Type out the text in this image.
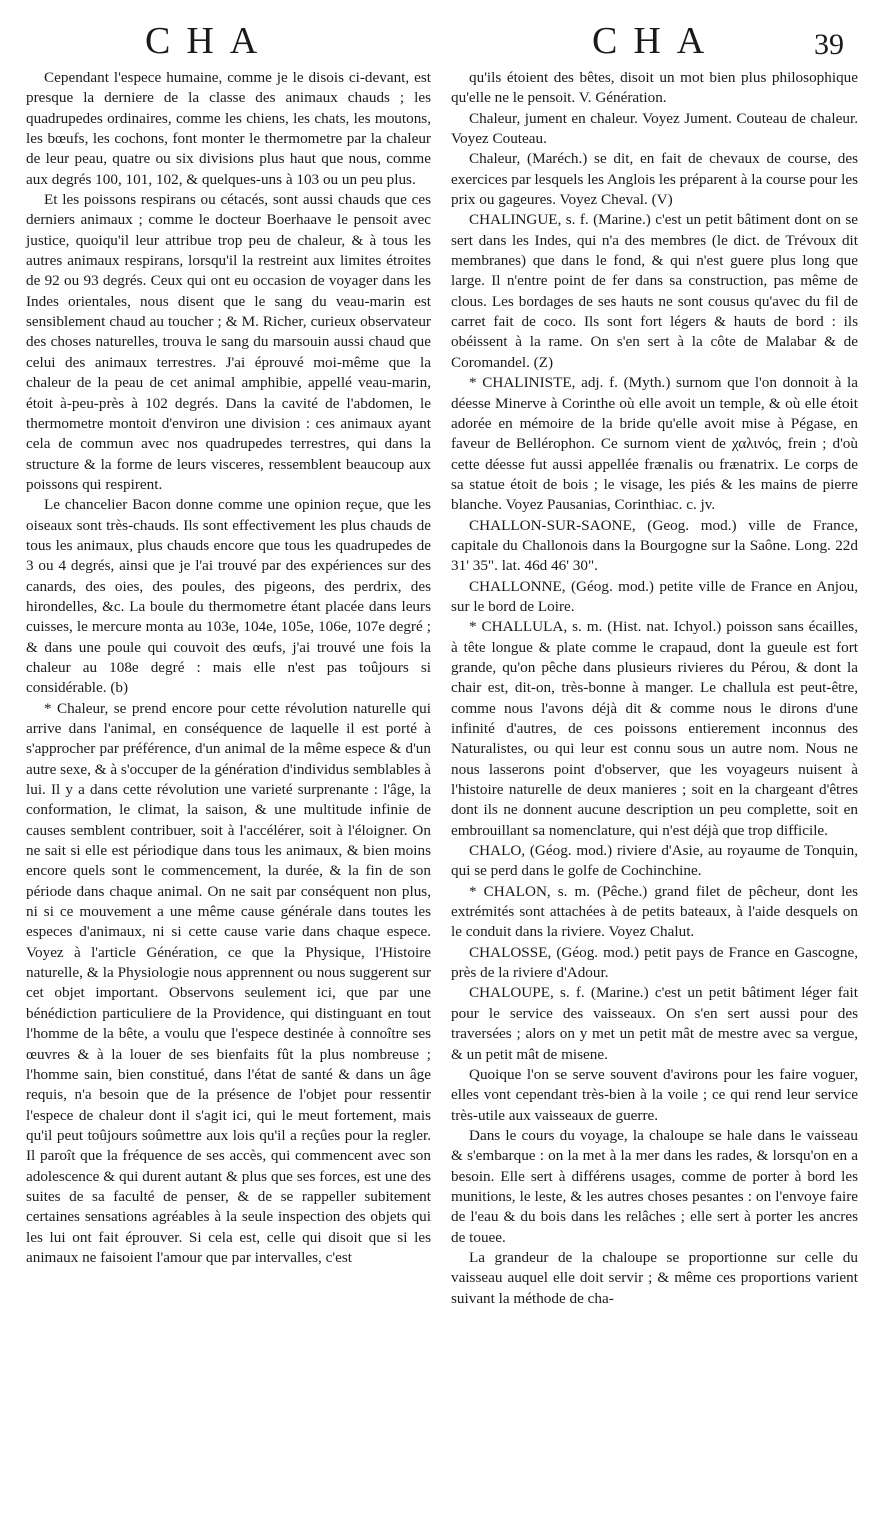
CHA	CHA	39

Cependant l'espece humaine, comme je le disois ci-devant, est presque la derniere de la classe des animaux chauds ; les quadrupedes ordinaires, comme les chiens, les chats, les moutons, les bœufs, les cochons, font monter le thermometre par la chaleur de leur peau, quatre ou six divisions plus haut que nous, comme aux degrés 100, 101, 102, & quelques-uns à 103 ou un peu plus.

Et les poissons respirans ou cétacés, sont aussi chauds que ces derniers animaux ; comme le docteur Boerhaave le pensoit avec justice, quoiqu'il leur attribue trop peu de chaleur, & à tous les autres animaux respirans, lorsqu'il la restreint aux limites étroites de 92 ou 93 degrés. Ceux qui ont eu occasion de voyager dans les Indes orientales, nous disent que le sang du veau-marin est sensiblement chaud au toucher ; & M. Richer, curieux observateur des choses naturelles, trouva le sang du marsouin aussi chaud que celui des animaux terrestres. J'ai éprouvé moi-même que la chaleur de la peau de cet animal amphibie, appellé veau-marin, étoit à-peu-près à 102 degrés. Dans la cavité de l'abdomen, le thermometre montoit d'environ une division : ces animaux ayant cela de commun avec nos quadrupedes terrestres, qui dans la structure & la forme de leurs visceres, ressemblent beaucoup aux poissons qui respirent.

Le chancelier Bacon donne comme une opinion reçue, que les oiseaux sont très-chauds. Ils sont effectivement les plus chauds de tous les animaux, plus chauds encore que tous les quadrupedes de 3 ou 4 degrés, ainsi que je l'ai trouvé par des expériences sur des canards, des oies, des poules, des pigeons, des perdrix, des hirondelles, &c. La boule du thermometre étant placée dans leurs cuisses, le mercure monta au 103e, 104e, 105e, 106e, 107e degré ; & dans une poule qui couvoit des œufs, j'ai trouvé une fois la chaleur au 108e degré : mais elle n'est pas toûjours si considérable. (b)

* Chaleur, se prend encore pour cette révolution naturelle qui arrive dans l'animal, en conséquence de laquelle il est porté à s'approcher par préférence, d'un animal de la même espece & d'un autre sexe, & à s'occuper de la génération d'individus semblables à lui. Il y a dans cette révolution une varieté surprenante : l'âge, la conformation, le climat, la saison, & une multitude infinie de causes semblent contribuer, soit à l'accélérer, soit à l'éloigner. On ne sait si elle est périodique dans tous les animaux, & bien moins encore quels sont le commencement, la durée, & la fin de son période dans chaque animal. On ne sait par conséquent non plus, ni si ce mouvement a une même cause générale dans toutes les especes d'animaux, ni si cette cause varie dans chaque espece. Voyez à l'article Génération, ce que la Physique, l'Histoire naturelle, & la Physiologie nous apprennent ou nous suggerent sur cet objet important. Observons seulement ici, que par une bénédiction particuliere de la Providence, qui distinguant en tout l'homme de la bête, a voulu que l'espece destinée à connoître ses œuvres & à la louer de ses bienfaits fût la plus nombreuse ; l'homme sain, bien constitué, dans l'état de santé & dans un âge requis, n'a besoin que de la présence de l'objet pour ressentir l'espece de chaleur dont il s'agit ici, qui le meut fortement, mais qu'il peut toûjours soûmettre aux lois qu'il a reçûes pour la regler. Il paroît que la fréquence de ses accès, qui commencent avec son adolescence & qui durent autant & plus que ses forces, est une des suites de sa faculté de penser, & de se rappeller subitement certaines sensations agréables à la seule inspection des objets qui les lui ont fait éprouver. Si cela est, celle qui disoit que si les animaux ne faisoient l'amour que par intervalles, c'est

qu'ils étoient des bêtes, disoit un mot bien plus philosophique qu'elle ne le pensoit. V. Génération.

Chaleur, jument en chaleur. Voyez Jument. Couteau de chaleur. Voyez Couteau.

Chaleur, (Maréch.) se dit, en fait de chevaux de course, des exercices par lesquels les Anglois les préparent à la course pour les prix ou gageures. Voyez Cheval. (V)

CHALINGUE, s. f. (Marine.) c'est un petit bâtiment dont on se sert dans les Indes, qui n'a des membres (le dict. de Trévoux dit membranes) que dans le fond, & qui n'est guere plus long que large. Il n'entre point de fer dans sa construction, pas même de clous. Les bordages de ses hauts ne sont cousus qu'avec du fil de carret fait de coco. Ils sont fort légers & hauts de bord : ils obéissent à la rame. On s'en sert à la côte de Malabar & de Coromandel. (Z)

* CHALINISTE, adj. f. (Myth.) surnom que l'on donnoit à la déesse Minerve à Corinthe où elle avoit un temple, & où elle étoit adorée en mémoire de la bride qu'elle avoit mise à Pégase, en faveur de Bellérophon. Ce surnom vient de χαλινός, frein ; d'où cette déesse fut aussi appellée frænalis ou frænatrix. Le corps de sa statue étoit de bois ; le visage, les piés & les mains de pierre blanche. Voyez Pausanias, Corinthiac. c. jv.

CHALLON-SUR-SAONE, (Geog. mod.) ville de France, capitale du Challonois dans la Bourgogne sur la Saône. Long. 22d 31' 35". lat. 46d 46' 30".

CHALLONNE, (Géog. mod.) petite ville de France en Anjou, sur le bord de Loire.

* CHALLULA, s. m. (Hist. nat. Ichyol.) poisson sans écailles, à tête longue & plate comme le crapaud, dont la gueule est fort grande, qu'on pêche dans plusieurs rivieres du Pérou, & dont la chair est, dit-on, très-bonne à manger. Le challula est peut-être, comme nous l'avons déjà dit & comme nous le dirons d'une infinité d'autres, de ces poissons entierement inconnus des Naturalistes, ou qui leur est connu sous un autre nom. Nous ne nous lasserons point d'observer, que les voyageurs nuisent à l'histoire naturelle de deux manieres ; soit en la chargeant d'êtres dont ils ne donnent aucune description un peu complette, soit en embrouillant sa nomenclature, qui n'est déjà que trop difficile.

CHALO, (Géog. mod.) riviere d'Asie, au royaume de Tonquin, qui se perd dans le golfe de Cochinchine.

* CHALON, s. m. (Pêche.) grand filet de pêcheur, dont les extrémités sont attachées à de petits bateaux, à l'aide desquels on le conduit dans la riviere. Voyez Chalut.

CHALOSSE, (Géog. mod.) petit pays de France en Gascogne, près de la riviere d'Adour.

CHALOUPE, s. f. (Marine.) c'est un petit bâtiment léger fait pour le service des vaisseaux. On s'en sert aussi pour des traversées ; alors on y met un petit mât de mestre avec sa vergue, & un petit mât de misene.

Quoique l'on se serve souvent d'avirons pour les faire voguer, elles vont cependant très-bien à la voile ; ce qui rend leur service très-utile aux vaisseaux de guerre.

Dans le cours du voyage, la chaloupe se hale dans le vaisseau & s'embarque : on la met à la mer dans les rades, & lorsqu'on en a besoin. Elle sert à différens usages, comme de porter à bord les munitions, le leste, & les autres choses pesantes : on l'envoye faire de l'eau & du bois dans les relâches ; elle sert à porter les ancres de touee.

La grandeur de la chaloupe se proportionne sur celle du vaisseau auquel elle doit servir ; & même ces proportions varient suivant la méthode de cha-
